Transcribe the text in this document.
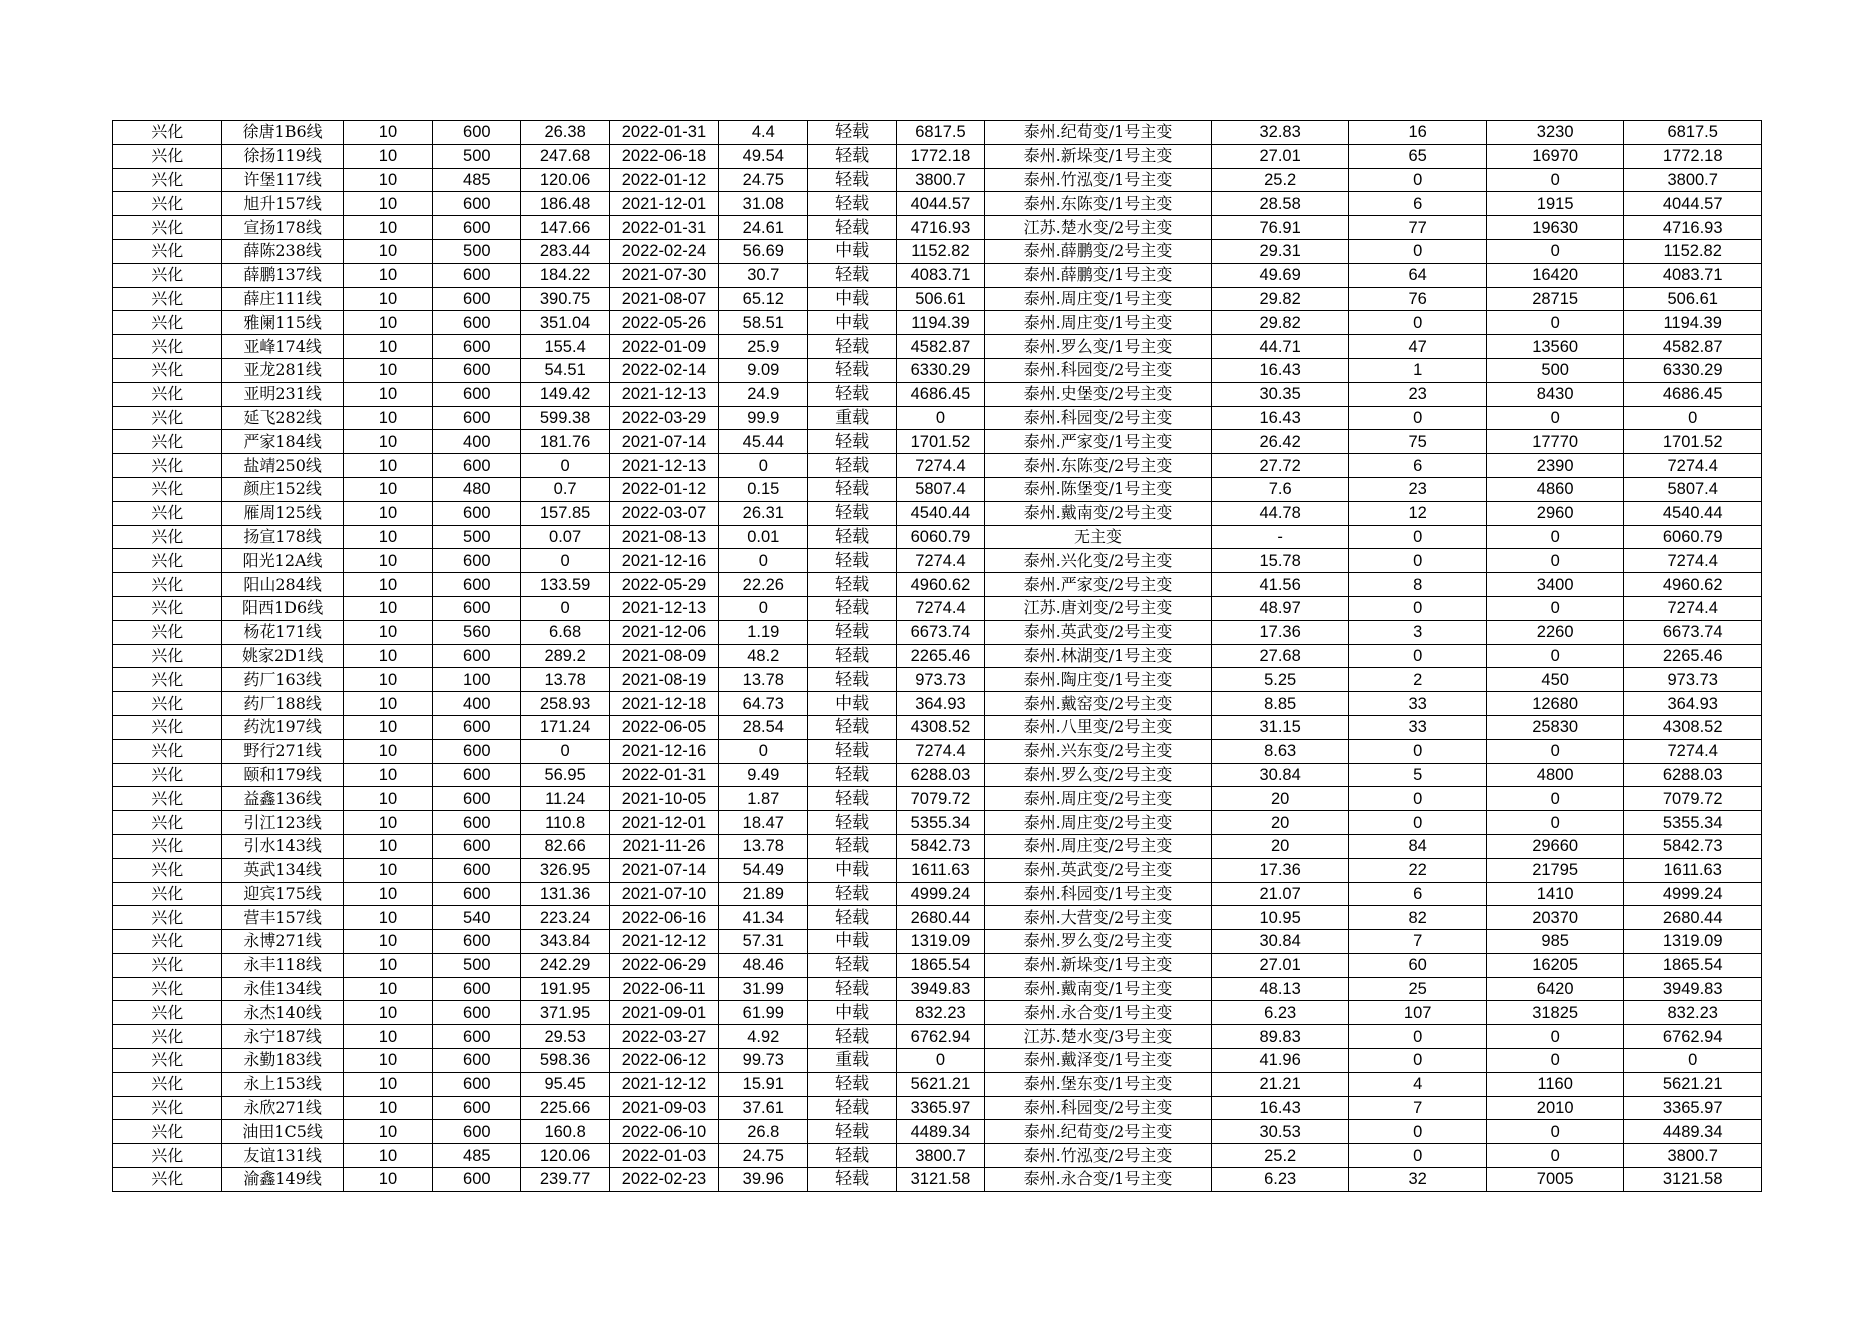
兴化	徐唐1B6线	10	600	26.38	2022-01-31	4.4	轻载	6817.5	泰州.纪荀变/1号主变	32.83	16	3230	6817.5
兴化	徐扬119线	10	500	247.68	2022-06-18	49.54	轻载	1772.18	泰州.新垛变/1号主变	27.01	65	16970	1772.18
兴化	许堡117线	10	485	120.06	2022-01-12	24.75	轻载	3800.7	泰州.竹泓变/1号主变	25.2	0	0	3800.7
兴化	旭升157线	10	600	186.48	2021-12-01	31.08	轻载	4044.57	泰州.东陈变/1号主变	28.58	6	1915	4044.57
兴化	宣扬178线	10	600	147.66	2022-01-31	24.61	轻载	4716.93	江苏.楚水变/2号主变	76.91	77	19630	4716.93
兴化	薛陈238线	10	500	283.44	2022-02-24	56.69	中载	1152.82	泰州.薛鹏变/2号主变	29.31	0	0	1152.82
兴化	薛鹏137线	10	600	184.22	2021-07-30	30.7	轻载	4083.71	泰州.薛鹏变/1号主变	49.69	64	16420	4083.71
兴化	薛庄111线	10	600	390.75	2021-08-07	65.12	中载	506.61	泰州.周庄变/1号主变	29.82	76	28715	506.61
兴化	雅阑115线	10	600	351.04	2022-05-26	58.51	中载	1194.39	泰州.周庄变/1号主变	29.82	0	0	1194.39
兴化	亚峰174线	10	600	155.4	2022-01-09	25.9	轻载	4582.87	泰州.罗么变/1号主变	44.71	47	13560	4582.87
兴化	亚龙281线	10	600	54.51	2022-02-14	9.09	轻载	6330.29	泰州.科园变/2号主变	16.43	1	500	6330.29
兴化	亚明231线	10	600	149.42	2021-12-13	24.9	轻载	4686.45	泰州.史堡变/2号主变	30.35	23	8430	4686.45
兴化	延飞282线	10	600	599.38	2022-03-29	99.9	重载	0	泰州.科园变/2号主变	16.43	0	0	0
兴化	严家184线	10	400	181.76	2021-07-14	45.44	轻载	1701.52	泰州.严家变/1号主变	26.42	75	17770	1701.52
兴化	盐靖250线	10	600	0	2021-12-13	0	轻载	7274.4	泰州.东陈变/2号主变	27.72	6	2390	7274.4
兴化	颜庄152线	10	480	0.7	2022-01-12	0.15	轻载	5807.4	泰州.陈堡变/1号主变	7.6	23	4860	5807.4
兴化	雁周125线	10	600	157.85	2022-03-07	26.31	轻载	4540.44	泰州.戴南变/2号主变	44.78	12	2960	4540.44
兴化	扬宣178线	10	500	0.07	2021-08-13	0.01	轻载	6060.79	无主变	-	0	0	6060.79
兴化	阳光12A线	10	600	0	2021-12-16	0	轻载	7274.4	泰州.兴化变/2号主变	15.78	0	0	7274.4
兴化	阳山284线	10	600	133.59	2022-05-29	22.26	轻载	4960.62	泰州.严家变/2号主变	41.56	8	3400	4960.62
兴化	阳西1D6线	10	600	0	2021-12-13	0	轻载	7274.4	江苏.唐刘变/2号主变	48.97	0	0	7274.4
兴化	杨花171线	10	560	6.68	2021-12-06	1.19	轻载	6673.74	泰州.英武变/2号主变	17.36	3	2260	6673.74
兴化	姚家2D1线	10	600	289.2	2021-08-09	48.2	轻载	2265.46	泰州.林湖变/1号主变	27.68	0	0	2265.46
兴化	药厂163线	10	100	13.78	2021-08-19	13.78	轻载	973.73	泰州.陶庄变/1号主变	5.25	2	450	973.73
兴化	药厂188线	10	400	258.93	2021-12-18	64.73	中载	364.93	泰州.戴窑变/2号主变	8.85	33	12680	364.93
兴化	药沈197线	10	600	171.24	2022-06-05	28.54	轻载	4308.52	泰州.八里变/2号主变	31.15	33	25830	4308.52
兴化	野行271线	10	600	0	2021-12-16	0	轻载	7274.4	泰州.兴东变/2号主变	8.63	0	0	7274.4
兴化	颐和179线	10	600	56.95	2022-01-31	9.49	轻载	6288.03	泰州.罗么变/2号主变	30.84	5	4800	6288.03
兴化	益鑫136线	10	600	11.24	2021-10-05	1.87	轻载	7079.72	泰州.周庄变/2号主变	20	0	0	7079.72
兴化	引江123线	10	600	110.8	2021-12-01	18.47	轻载	5355.34	泰州.周庄变/2号主变	20	0	0	5355.34
兴化	引水143线	10	600	82.66	2021-11-26	13.78	轻载	5842.73	泰州.周庄变/2号主变	20	84	29660	5842.73
兴化	英武134线	10	600	326.95	2021-07-14	54.49	中载	1611.63	泰州.英武变/2号主变	17.36	22	21795	1611.63
兴化	迎宾175线	10	600	131.36	2021-07-10	21.89	轻载	4999.24	泰州.科园变/1号主变	21.07	6	1410	4999.24
兴化	营丰157线	10	540	223.24	2022-06-16	41.34	轻载	2680.44	泰州.大营变/2号主变	10.95	82	20370	2680.44
兴化	永博271线	10	600	343.84	2021-12-12	57.31	中载	1319.09	泰州.罗么变/2号主变	30.84	7	985	1319.09
兴化	永丰118线	10	500	242.29	2022-06-29	48.46	轻载	1865.54	泰州.新垛变/1号主变	27.01	60	16205	1865.54
兴化	永佳134线	10	600	191.95	2022-06-11	31.99	轻载	3949.83	泰州.戴南变/1号主变	48.13	25	6420	3949.83
兴化	永杰140线	10	600	371.95	2021-09-01	61.99	中载	832.23	泰州.永合变/1号主变	6.23	107	31825	832.23
兴化	永宁187线	10	600	29.53	2022-03-27	4.92	轻载	6762.94	江苏.楚水变/3号主变	89.83	0	0	6762.94
兴化	永勤183线	10	600	598.36	2022-06-12	99.73	重载	0	泰州.戴泽变/1号主变	41.96	0	0	0
兴化	永上153线	10	600	95.45	2021-12-12	15.91	轻载	5621.21	泰州.堡东变/1号主变	21.21	4	1160	5621.21
兴化	永欣271线	10	600	225.66	2021-09-03	37.61	轻载	3365.97	泰州.科园变/2号主变	16.43	7	2010	3365.97
兴化	油田1C5线	10	600	160.8	2022-06-10	26.8	轻载	4489.34	泰州.纪荀变/2号主变	30.53	0	0	4489.34
兴化	友谊131线	10	485	120.06	2022-01-03	24.75	轻载	3800.7	泰州.竹泓变/2号主变	25.2	0	0	3800.7
兴化	渝鑫149线	10	600	239.77	2022-02-23	39.96	轻载	3121.58	泰州.永合变/1号主变	6.23	32	7005	3121.58
